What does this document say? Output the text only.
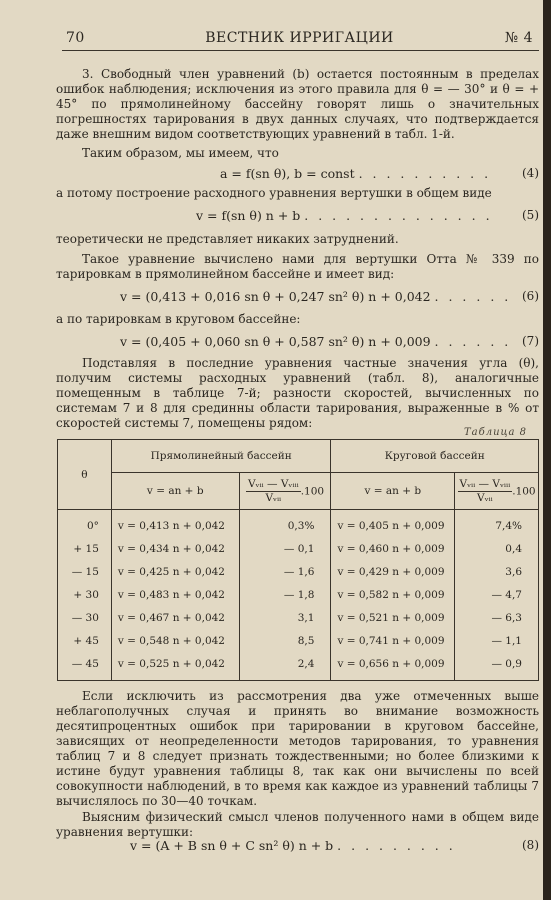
70	ВЕСТНИК ИРРИГАЦИИ	№ 4
3. Свободный член уравнений (b) остается постоянным в пределах ошибок наблюдения; исключения из этого правила для θ = — 30° и θ = + 45° по прямолинейному бассейну говорят лишь о значительных погрешностях тарирования в двух данных случаях, что подтверждается даже внешним видом соответствующих уравнений в табл. 1-й.
Таким образом, мы имеем, что
a = f(sn θ), b = const . . . . . . . . . .	(4)
а потому построение расходного уравнения вертушки в общем виде
v = f(sn θ) n + b . . . . . . . . . . . . . . (5)
теоретически не представляет никаких затруднений.
Такое уравнение вычислено нами для вертушки Отта № 339 по тарировкам в прямолинейном бассейне и имеет вид:
v = (0,413 + 0,016 sn θ + 0,247 sn² θ) n + 0,042 . . . . . . (6)
а по тарировкам в круговом бассейне:
v = (0,405 + 0,060 sn θ + 0,587 sn² θ) n + 0,009 . . . . . . (7)
Подставляя в последние уравнения частные значения угла (θ), получим системы расходных уравнений (табл. 8), аналогичные помещенным в таблице 7-й; разности скоростей, вычисленных по системам 7 и 8 для срединны области тарирования, выраженные в % от скоростей системы 7, помещены рядом:
Таблица 8
θ	Прямолинейный бассейн		Круговой бассейн	
	v = an + b	$\frac{\text{Vᵥᵢᵢ — Vᵥᵢᵢᵢ}}{\text{Vᵥᵢᵢ}} .100$	v = an + b	$\frac{\text{Vᵥᵢᵢ — Vᵥᵢᵢᵢ}}{\text{Vᵥᵢᵢ}} .100$
0°	v = 0,413 n + 0,042	0,3%	v = 0,405 n + 0,009	7,4%
+ 15	v = 0,434 n + 0,042	— 0,1	v = 0,460 n + 0,009	0,4
— 15	v = 0,425 n + 0,042	— 1,6	v = 0,429 n + 0,009	3,6
+ 30	v = 0,483 n + 0,042	— 1,8	v = 0,582 n + 0,009	— 4,7
— 30	v = 0,467 n + 0,042	3,1	v = 0,521 n + 0,009	— 6,3
+ 45	v = 0,548 n + 0,042	8,5	v = 0,741 n + 0,009	— 1,1
— 45	v = 0,525 n + 0,042	2,4	v = 0,656 n + 0,009	— 0,9

Если исключить из рассмотрения два уже отмеченных выше неблагополучных случая и принять во внимание возможность десятипроцентных ошибок при тарировании в круговом бассейне, зависящих от неопределенности методов тарирования, то уравнения таблиц 7 и 8 следует признать тождественными; но более близкими к истине будут уравнения таблицы 8, так как они вычислены по всей совокупности наблюдений, в то время как каждое из уравнений таблицы 7 вычислялось по 30—40 точкам.
Выясним физический смысл членов полученного нами в общем виде уравнения вертушки:
v = (A + B sn θ + C sn² θ) n + b . . . . . . . . .	(8)
